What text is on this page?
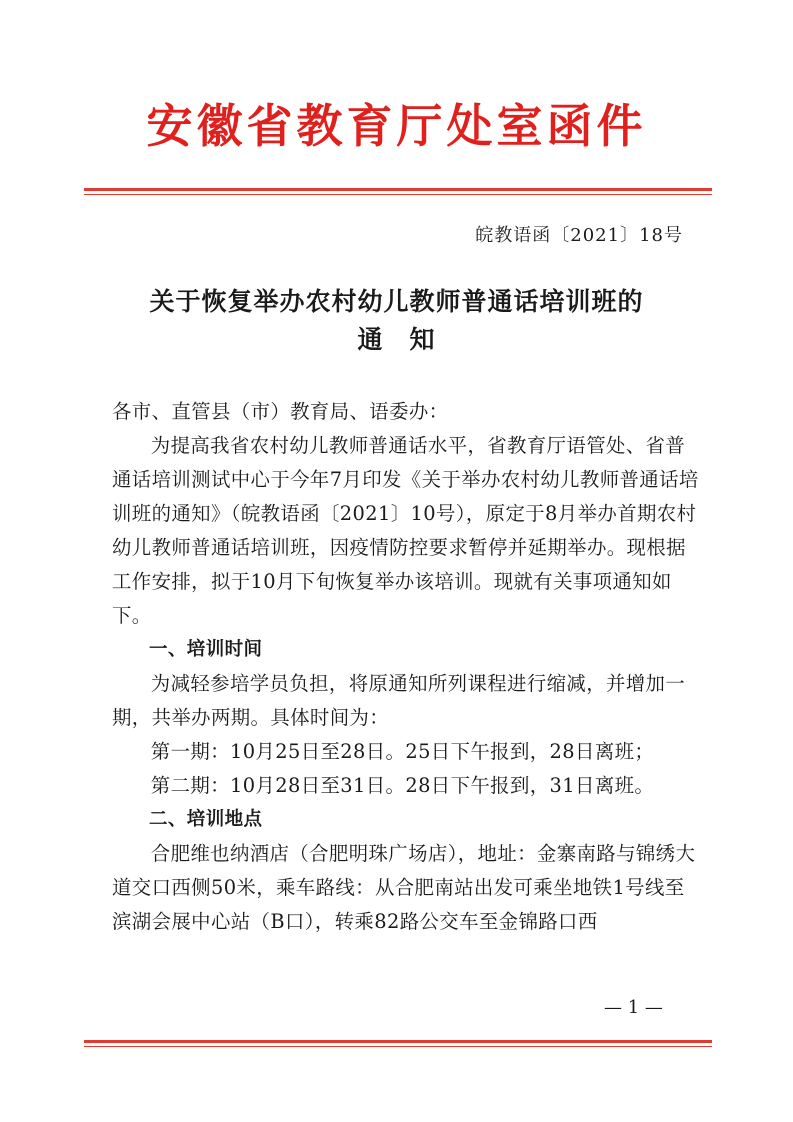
安徽省教育厅处室函件
皖教语函〔2021〕18号
关于恢复举办农村幼儿教师普通话培训班的
通　知

各市、直管县（市）教育局、语委办：

为提高我省农村幼儿教师普通话水平，省教育厅语管处、省普通话培训测试中心于今年7月印发《关于举办农村幼儿教师普通话培训班的通知》（皖教语函〔2021〕10号），原定于8月举办首期农村幼儿教师普通话培训班，因疫情防控要求暂停并延期举办。现根据工作安排，拟于10月下旬恢复举办该培训。现就有关事项通知如下。

一、培训时间

为减轻参培学员负担，将原通知所列课程进行缩减，并增加一期，共举办两期。具体时间为：

第一期：10月25日至28日。25日下午报到，28日离班；

第二期：10月28日至31日。28日下午报到，31日离班。

二、培训地点

合肥维也纳酒店（合肥明珠广场店），地址：金寨南路与锦绣大道交口西侧50米，乘车路线：从合肥南站出发可乘坐地铁1号线至滨湖会展中心站（B口），转乘82路公交车至金锦路口西

— 1 —
